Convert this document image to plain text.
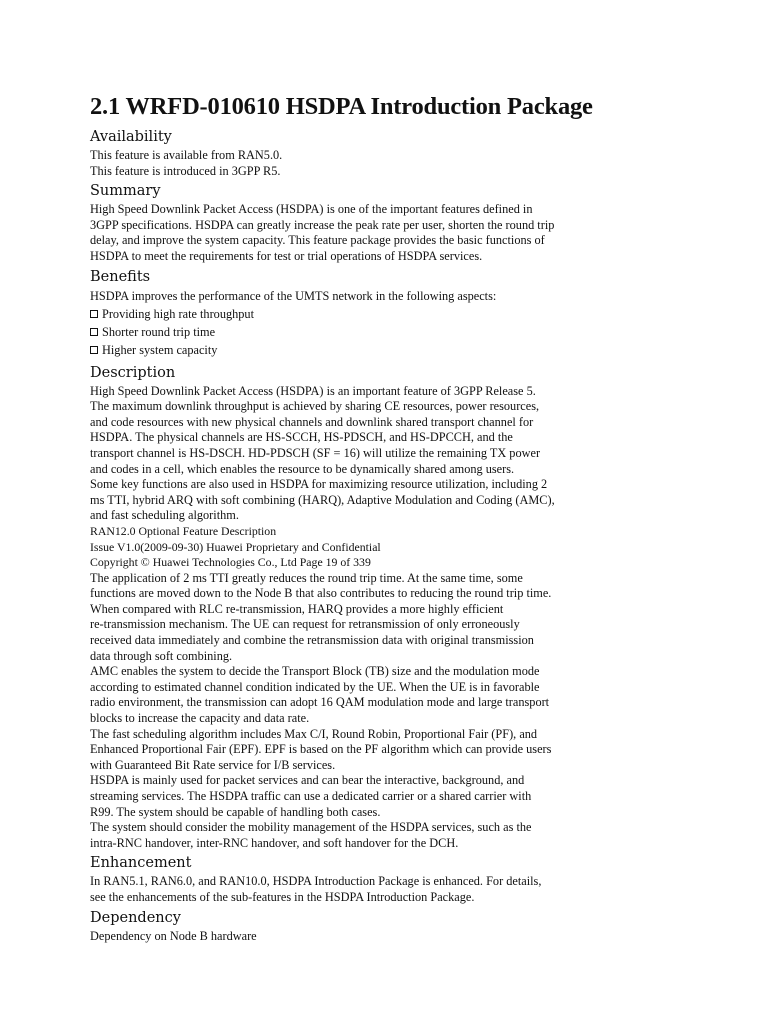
2.1 WRFD-010610 HSDPA Introduction Package
Availability

This feature is available from RAN5.0.

This feature is introduced in 3GPP R5.

Summary

High Speed Downlink Packet Access (HSDPA) is one of the important features defined in
3GPP specifications. HSDPA can greatly increase the peak rate per user, shorten the round trip
delay, and improve the system capacity. This feature package provides the basic functions of
HSDPA to meet the requirements for test or trial operations of HSDPA services.

Benefits

HSDPA improves the performance of the UMTS network in the following aspects:

Providing high rate throughput
Shorter round trip time
Higher system capacity
Description

High Speed Downlink Packet Access (HSDPA) is an important feature of 3GPP Release 5.
The maximum downlink throughput is achieved by sharing CE resources, power resources,
and code resources with new physical channels and downlink shared transport channel for
HSDPA. The physical channels are HS-SCCH, HS-PDSCH, and HS-DPCCH, and the
transport channel is HS-DSCH. HD-PDSCH (SF = 16) will utilize the remaining TX power
and codes in a cell, which enables the resource to be dynamically shared among users.
Some key functions are also used in HSDPA for maximizing resource utilization, including 2
ms TTI, hybrid ARQ with soft combining (HARQ), Adaptive Modulation and Coding (AMC),
and fast scheduling algorithm.

RAN12.0 Optional Feature Description
Issue V1.0(2009-09-30) Huawei Proprietary and Confidential
Copyright © Huawei Technologies Co., Ltd Page 19 of 339

The application of 2 ms TTI greatly reduces the round trip time. At the same time, some
functions are moved down to the Node B that also contributes to reducing the round trip time.
When compared with RLC re-transmission, HARQ provides a more highly efficient
re-transmission mechanism. The UE can request for retransmission of only erroneously
received data immediately and combine the retransmission data with original transmission
data through soft combining.

AMC enables the system to decide the Transport Block (TB) size and the modulation mode
according to estimated channel condition indicated by the UE. When the UE is in favorable
radio environment, the transmission can adopt 16 QAM modulation mode and large transport
blocks to increase the capacity and data rate.

The fast scheduling algorithm includes Max C/I, Round Robin, Proportional Fair (PF), and
Enhanced Proportional Fair (EPF). EPF is based on the PF algorithm which can provide users
with Guaranteed Bit Rate service for I/B services.

HSDPA is mainly used for packet services and can bear the interactive, background, and
streaming services. The HSDPA traffic can use a dedicated carrier or a shared carrier with
R99. The system should be capable of handling both cases.

The system should consider the mobility management of the HSDPA services, such as the
intra-RNC handover, inter-RNC handover, and soft handover for the DCH.

Enhancement

In RAN5.1, RAN6.0, and RAN10.0, HSDPA Introduction Package is enhanced. For details,
see the enhancements of the sub-features in the HSDPA Introduction Package.

Dependency

Dependency on Node B hardware
